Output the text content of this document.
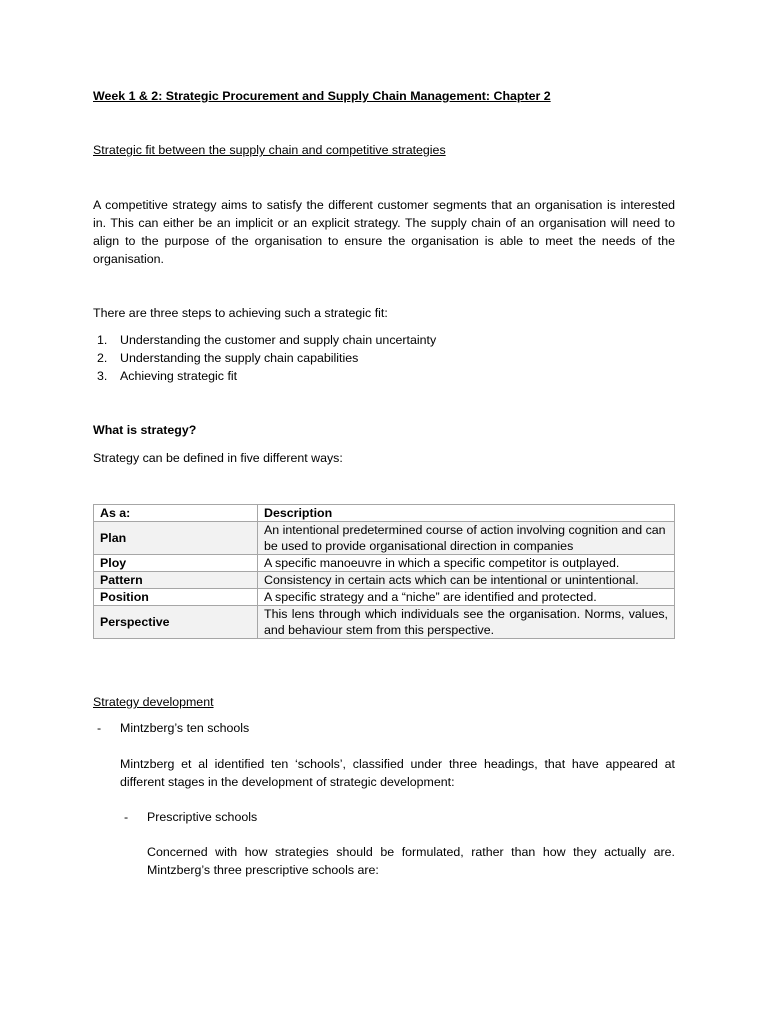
Week 1 & 2: Strategic Procurement and Supply Chain Management: Chapter 2

Strategic fit between the supply chain and competitive strategies

A competitive strategy aims to satisfy the different customer segments that an organisation is interested in. This can either be an implicit or an explicit strategy. The supply chain of an organisation will need to align to the purpose of the organisation to ensure the organisation is able to meet the needs of the organisation.

There are three steps to achieving such a strategic fit:

1. Understanding the customer and supply chain uncertainty
2. Understanding the supply chain capabilities
3. Achieving strategic fit

What is strategy?

Strategy can be defined in five different ways:

As a:	Description
Plan	An intentional predetermined course of action involving cognition and can be used to provide organisational direction in companies
Ploy	A specific manoeuvre in which a specific competitor is outplayed.
Pattern	Consistency in certain acts which can be intentional or unintentional.
Position	A specific strategy and a “niche” are identified and protected.
Perspective	This lens through which individuals see the organisation. Norms, values, and behaviour stem from this perspective.

Strategy development

- Mintzberg’s ten schools

Mintzberg et al identified ten ‘schools’, classified under three headings, that have appeared at different stages in the development of strategic development:

- Prescriptive schools

Concerned with how strategies should be formulated, rather than how they actually are. Mintzberg’s three prescriptive schools are:
